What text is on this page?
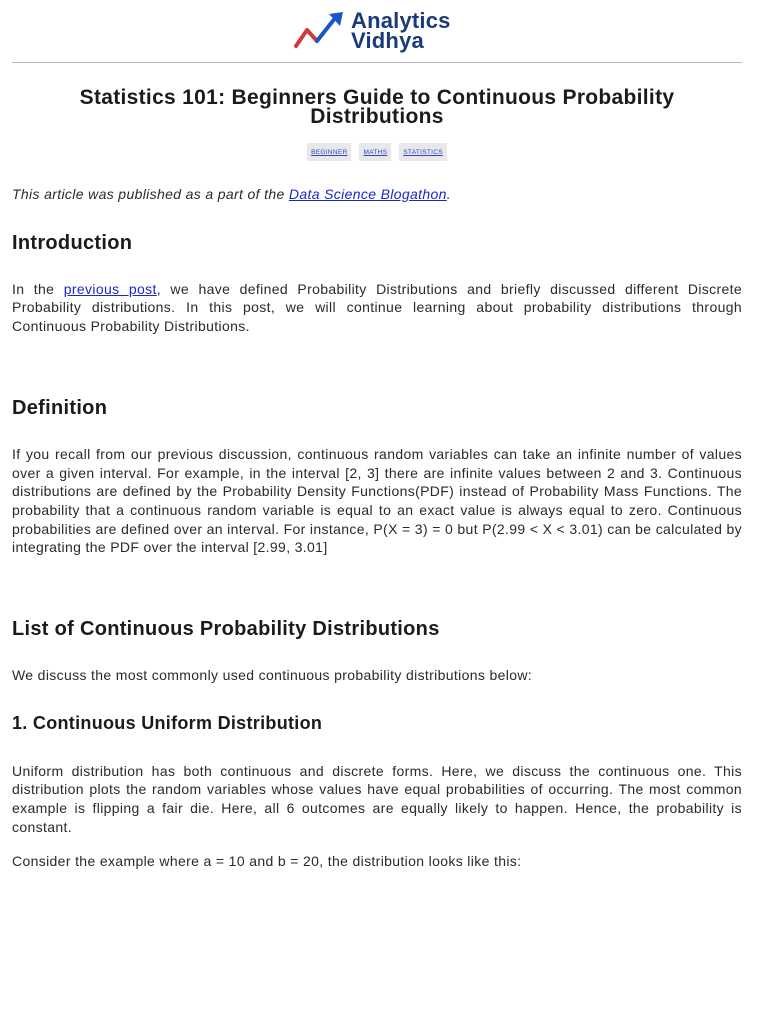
Analytics
Vidhya
Statistics 101: Beginners Guide to Continuous Probability Distributions
BEGINNER MATHS STATISTICS

This article was published as a part of the Data Science Blogathon.

Introduction

In the previous post, we have defined Probability Distributions and briefly discussed different Discrete Probability distributions. In this post, we will continue learning about probability distributions through Continuous Probability Distributions.

Definition

If you recall from our previous discussion, continuous random variables can take an infinite number of values over a given interval. For example, in the interval [2, 3] there are infinite values between 2 and 3. Continuous distributions are defined by the Probability Density Functions(PDF) instead of Probability Mass Functions. The probability that a continuous random variable is equal to an exact value is always equal to zero. Continuous probabilities are defined over an interval. For instance, P(X = 3) = 0 but P(2.99 < X < 3.01) can be calculated by integrating the PDF over the interval [2.99, 3.01]

List of Continuous Probability Distributions

We discuss the most commonly used continuous probability distributions below:

1. Continuous Uniform Distribution

Uniform distribution has both continuous and discrete forms. Here, we discuss the continuous one. This distribution plots the random variables whose values have equal probabilities of occurring. The most common example is flipping a fair die. Here, all 6 outcomes are equally likely to happen. Hence, the probability is constant.

Consider the example where a = 10 and b = 20, the distribution looks like this:
